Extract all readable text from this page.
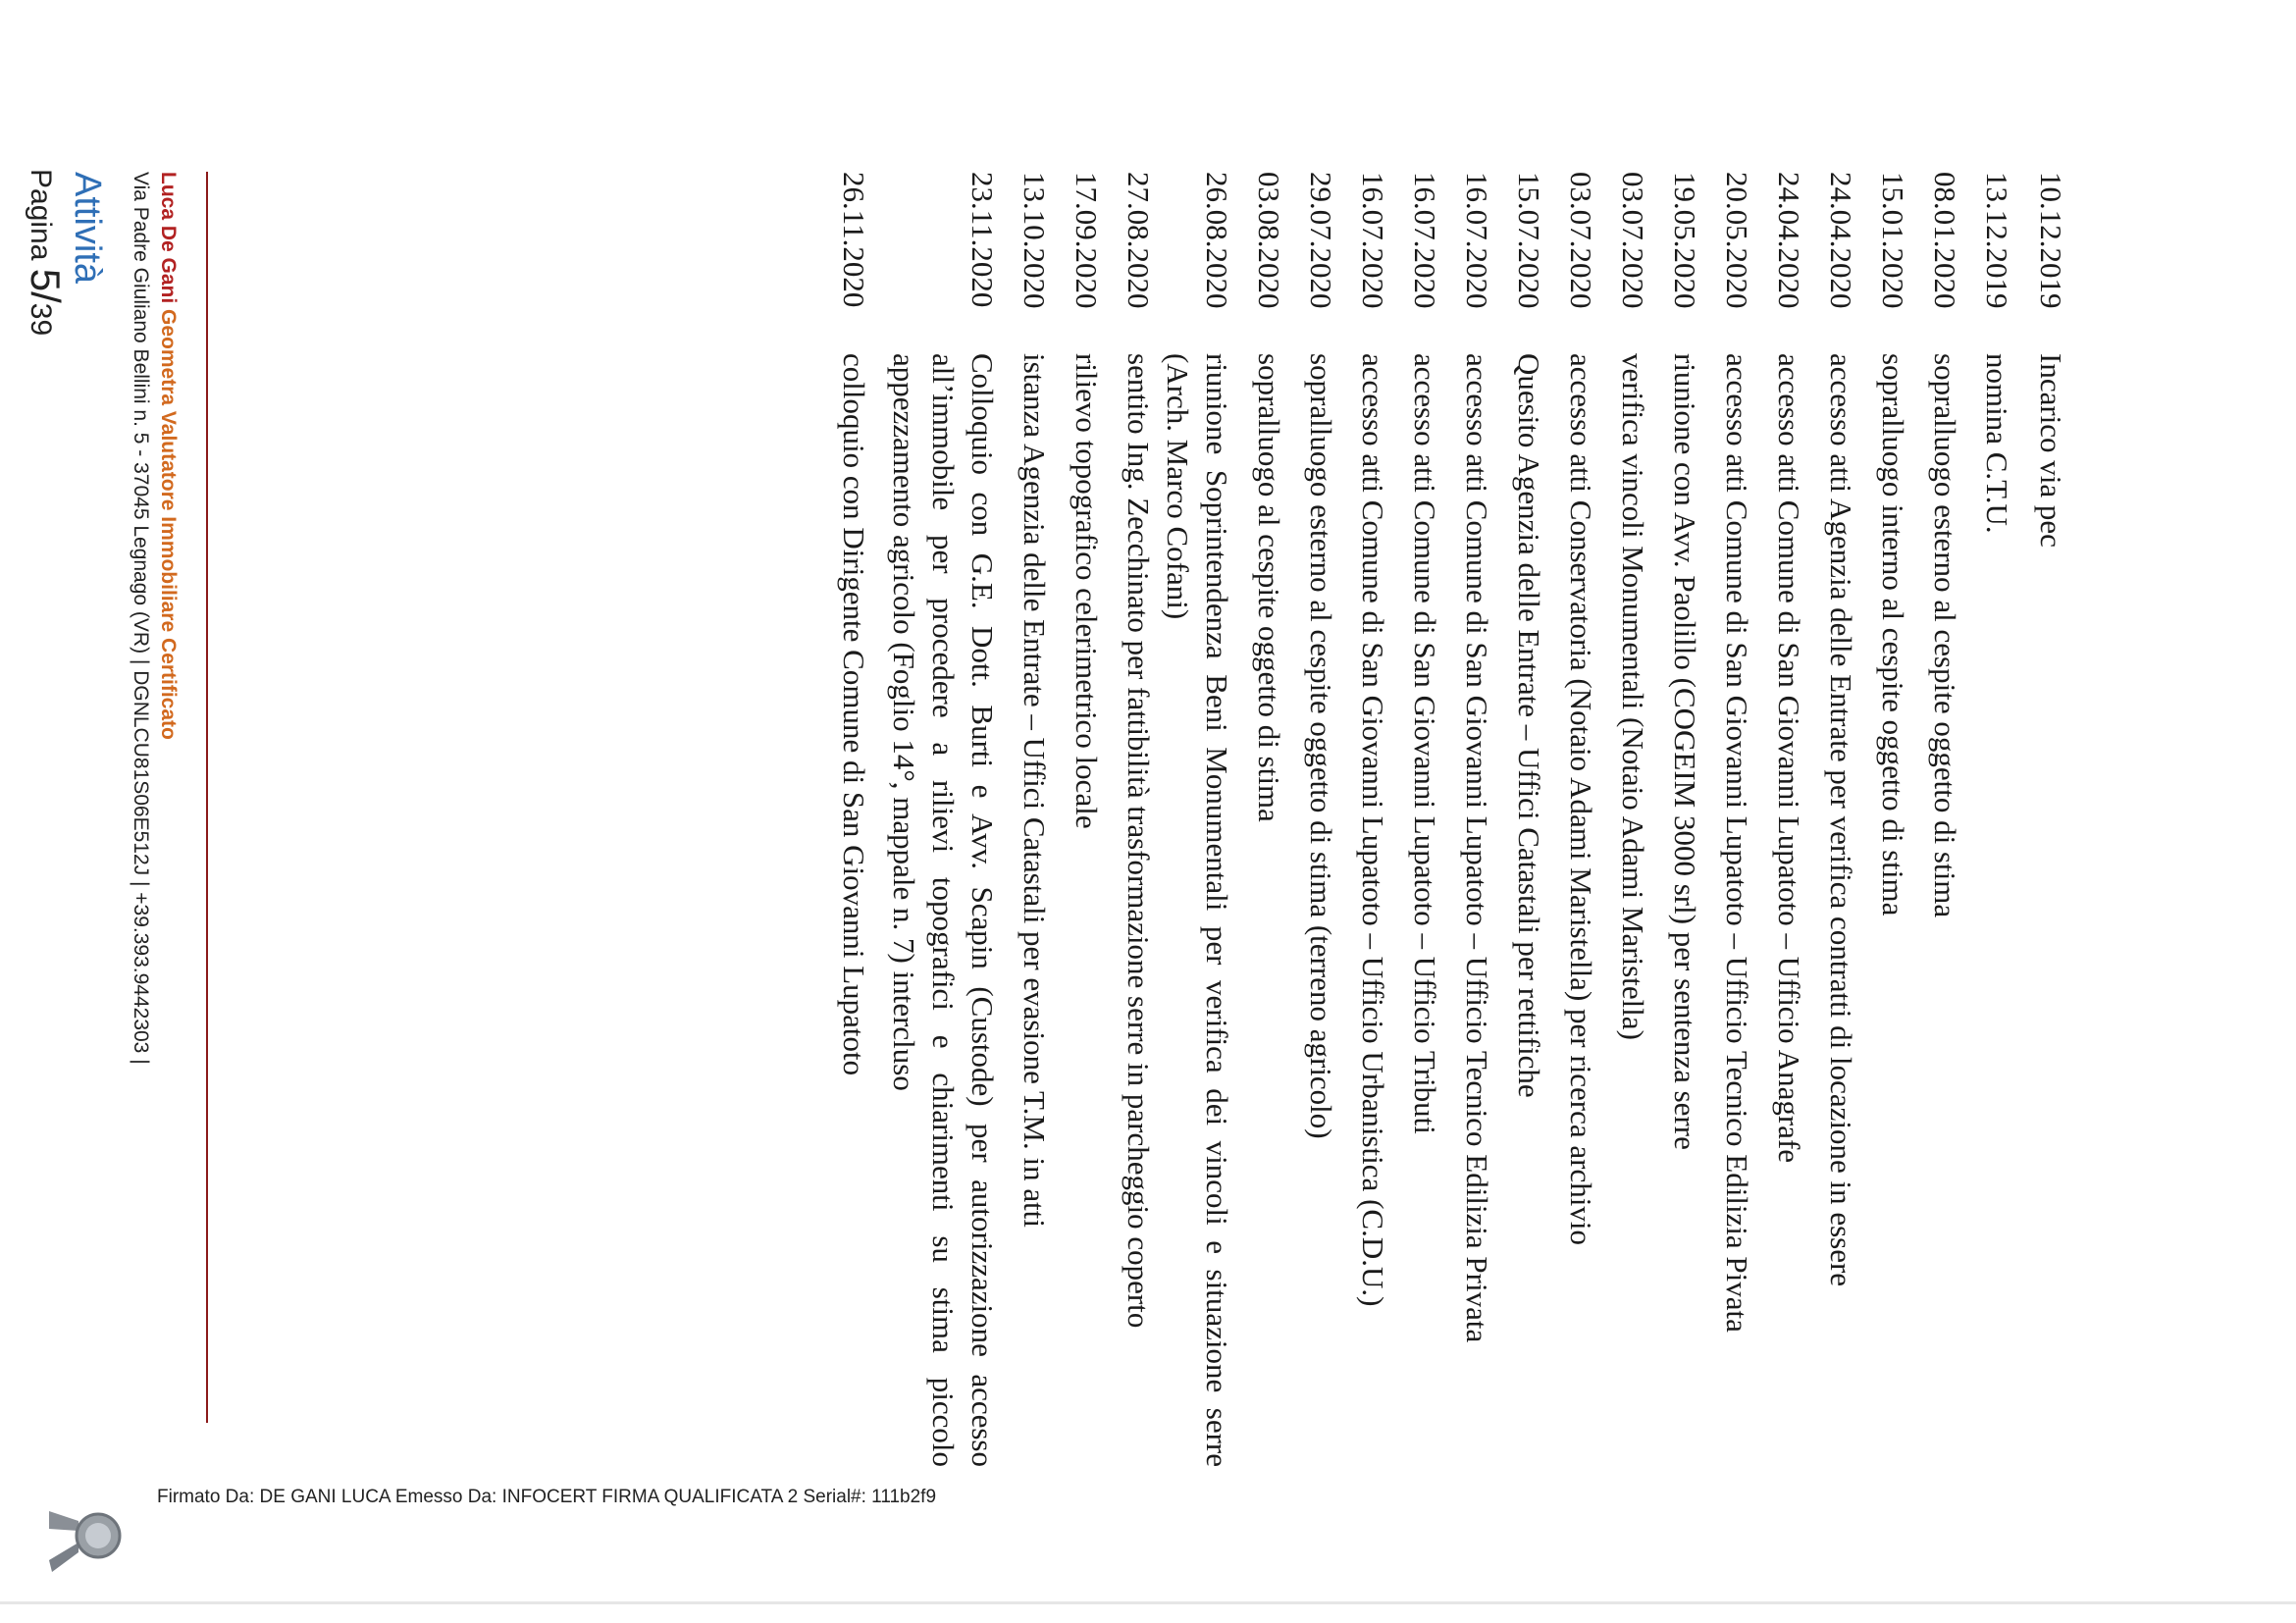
Pagina 5/39
Attività	10.12.2019
Incarico via pec
13.12.2019
nomina C.T.U.
08.01.2020
sopralluogo esterno al cespite oggetto di stima
15.01.2020
sopralluogo interno al cespite oggetto di stima
24.04.2020
accesso atti Agenzia delle Entrate per verifica contratti di locazione in essere
24.04.2020
accesso atti Comune di San Giovanni Lupatoto – Ufficio Anagrafe
20.05.2020
accesso atti Comune di San Giovanni Lupatoto – Ufficio Tecnico Edilizia Pivata
19.05.2020
riunione con Avv. Paolillo (COGEIM 3000 srl) per sentenza serre
03.07.2020
verifica vincoli Monumentali (Notaio Adami Maristella)
03.07.2020
accesso atti Conservatoria (Notaio Adami Maristella) per ricerca archivio
15.07.2020
Quesito Agenzia delle Entrate – Uffici Catastali per rettifiche
16.07.2020
accesso atti Comune di San Giovanni Lupatoto – Ufficio Tecnico Edilizia Privata
16.07.2020
accesso atti Comune di San Giovanni Lupatoto – Ufficio Tributi
16.07.2020
accesso atti Comune di San Giovanni Lupatoto – Ufficio Urbanistica (C.D.U.)
29.07.2020
sopralluogo esterno al cespite oggetto di stima (terreno agricolo)
03.08.2020
sopralluogo al cespite oggetto di stima
26.08.2020
riunione Soprintendenza Beni Monumentali per verifica dei vincoli e situazione serre (Arch. Marco Cofani)
27.08.2020
sentito Ing. Zecchinato per fattibilità trasformazione serre in parcheggio coperto
17.09.2020
rilievo topografico celerimetrico locale
13.10.2020
istanza Agenzia delle Entrate – Uffici Catastali per evasione T.M. in atti
23.11.2020
Colloquio con G.E. Dott. Burti e Avv. Scapin (Custode) per autorizzazione accesso all’immobile per procedere a rilievi topografici e chiarimenti su stima piccolo appezzamento agricolo (Foglio 14°, mappale n. 7) intercluso
26.11.2020
colloquio con Dirigente Comune di San Giovanni Lupatoto
Luca De Gani Geometra Valutatore Immobiliare Certificato
Via Padre Giuliano Bellini n. 5 - 37045 Legnago (VR) | DGNLCU81S06E512J | +39.393.9442303 |
Firmato Da: DE GANI LUCA Emesso Da: INFOCERT FIRMA QUALIFICATA 2 Serial#: 111b2f9
